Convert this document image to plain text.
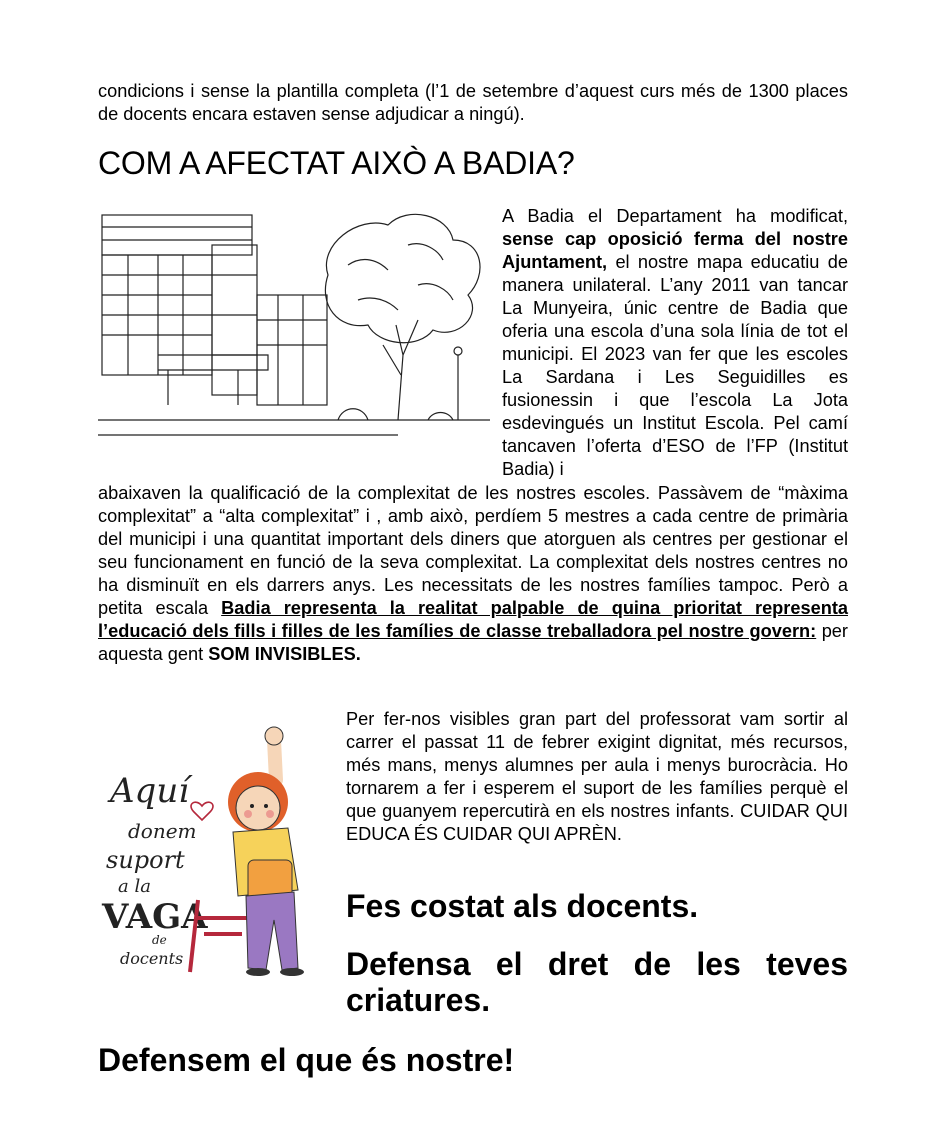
condicions i sense la plantilla completa (l’1 de setembre d’aquest curs més de 1300 places de docents encara estaven sense adjudicar a ningú).

COM A AFECTAT AIXÒ A BADIA?

A Badia el Departament ha modificat, sense cap oposició ferma del nostre Ajuntament, el nostre mapa educatiu de manera unilateral. L’any 2011 van tancar La Munyeira, únic centre de Badia que oferia una escola d’una sola línia de tot el municipi. El 2023 van fer que les escoles La Sardana i Les Seguidilles es fusionessin i que l’escola La Jota esdevingués un Institut Escola. Pel camí tancaven l’oferta d’ESO de l’FP (Institut Badia) i

abaixaven la qualificació de la complexitat de les nostres escoles. Passàvem de “màxima complexitat” a “alta complexitat” i , amb això, perdíem 5 mestres a cada centre de primària del municipi i una quantitat important dels diners que atorguen als centres per gestionar el seu funcionament en funció de la seva complexitat. La complexitat dels nostres centres no ha disminuït en els darrers anys. Les necessitats de les nostres famílies tampoc. Però a petita escala Badia representa la realitat palpable de quina prioritat representa l’educació dels fills i filles de les famílies de classe treballadora pel nostre govern: per aquesta gent SOM INVISIBLES.

Aquí
donem
suport
a la
VAGA
de
docents

Per fer-nos visibles gran part del professorat vam sortir al carrer el passat 11 de febrer exigint dignitat, més recursos, més mans, menys alumnes per aula i menys burocràcia. Ho tornarem a fer i esperem el suport de les famílies perquè el que guanyem repercutirà en els nostres infants. CUIDAR QUI EDUCA ÉS CUIDAR QUI APRÈN.

Fes costat als docents.

Defensa el dret de les teves criatures.

Defensem el que és nostre!
